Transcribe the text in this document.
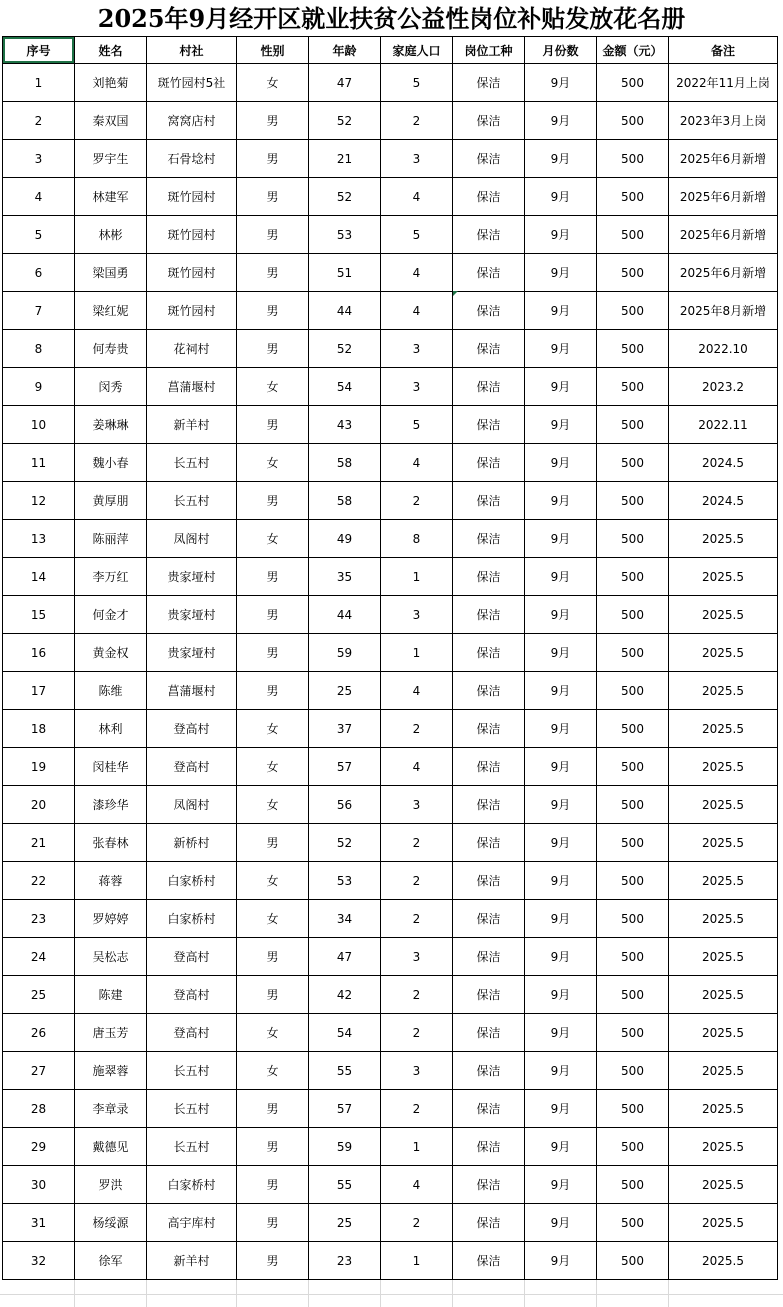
2025年9月经开区就业扶贫公益性岗位补贴发放花名册
序号	姓名	村社	性别	年龄	家庭人口	岗位工种	月份数	金额（元）	备注
1	刘艳菊	斑竹园村5社	女	47	5	保洁	9月	500	2022年11月上岗
2	秦双国	窝窝店村	男	52	2	保洁	9月	500	2023年3月上岗
3	罗宇生	石骨埝村	男	21	3	保洁	9月	500	2025年6月新增
4	林建军	斑竹园村	男	52	4	保洁	9月	500	2025年6月新增
5	林彬	斑竹园村	男	53	5	保洁	9月	500	2025年6月新增
6	梁国勇	斑竹园村	男	51	4	保洁	9月	500	2025年6月新增
7	梁红妮	斑竹园村	男	44	4	保洁	9月	500	2025年8月新增
8	何寿贵	花祠村	男	52	3	保洁	9月	500	2022.10
9	闵秀	菖蒲堰村	女	54	3	保洁	9月	500	2023.2
10	姜琳琳	新羊村	男	43	5	保洁	9月	500	2022.11
11	魏小春	长五村	女	58	4	保洁	9月	500	2024.5
12	黄厚朋	长五村	男	58	2	保洁	9月	500	2024.5
13	陈丽萍	凤阁村	女	49	8	保洁	9月	500	2025.5
14	李万红	贵家垭村	男	35	1	保洁	9月	500	2025.5
15	何金才	贵家垭村	男	44	3	保洁	9月	500	2025.5
16	黄金权	贵家垭村	男	59	1	保洁	9月	500	2025.5
17	陈维	菖蒲堰村	男	25	4	保洁	9月	500	2025.5
18	林利	登高村	女	37	2	保洁	9月	500	2025.5
19	闵桂华	登高村	女	57	4	保洁	9月	500	2025.5
20	漆珍华	凤阁村	女	56	3	保洁	9月	500	2025.5
21	张春林	新桥村	男	52	2	保洁	9月	500	2025.5
22	蒋蓉	白家桥村	女	53	2	保洁	9月	500	2025.5
23	罗婷婷	白家桥村	女	34	2	保洁	9月	500	2025.5
24	吴松志	登高村	男	47	3	保洁	9月	500	2025.5
25	陈建	登高村	男	42	2	保洁	9月	500	2025.5
26	唐玉芳	登高村	女	54	2	保洁	9月	500	2025.5
27	施翠蓉	长五村	女	55	3	保洁	9月	500	2025.5
28	李章录	长五村	男	57	2	保洁	9月	500	2025.5
29	戴德见	长五村	男	59	1	保洁	9月	500	2025.5
30	罗洪	白家桥村	男	55	4	保洁	9月	500	2025.5
31	杨绥源	高宇库村	男	25	2	保洁	9月	500	2025.5
32	徐军	新羊村	男	23	1	保洁	9月	500	2025.5
